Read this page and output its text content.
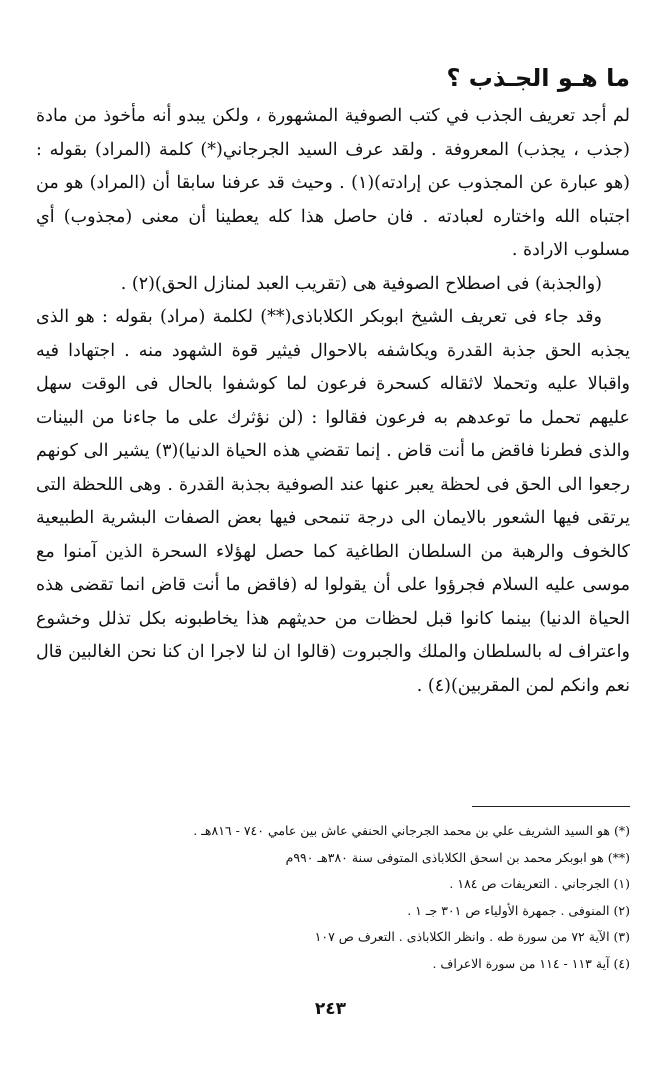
ما هـو الجـذب ؟

لم أجد تعريف الجذب في كتب الصوفية المشهورة ، ولكن يبدو أنه مأخوذ من مادة (جذب ، يجذب) المعروفة . ولقد عرف السيد الجرجاني(*) كلمة (المراد) بقوله : (هو عبارة عن المجذوب عن إرادته)(١) . وحيث قد عرفنا سابقا أن (المراد) هو من اجتباه الله واختاره لعبادته . فان حاصل هذا كله يعطينا أن معنى (مجذوب) أي مسلوب الارادة .

(والجذبة) فى اصطلاح الصوفية هى (تقريب العبد لمنازل الحق)(٢) .

وقد جاء فى تعريف الشيخ ابوبكر الكلاباذى(**) لكلمة (مراد) بقوله : هو الذى يجذبه الحق جذبة القدرة ويكاشفه بالاحوال فيثير قوة الشهود منه . اجتهادا فيه واقبالا عليه وتحملا لاثقاله كسحرة فرعون لما كوشفوا بالحال فى الوقت سهل عليهم تحمل ما توعدهم به فرعون فقالوا : (لن نؤثرك على ما جاءنا من البينات والذى فطرنا فاقض ما أنت قاض . إنما تقضي هذه الحياة الدنيا)(٣) يشير الى كونهم رجعوا الى الحق فى لحظة يعبر عنها عند الصوفية بجذبة القدرة . وهى اللحظة التى يرتقى فيها الشعور بالايمان الى درجة تنمحى فيها بعض الصفات البشرية الطبيعية كالخوف والرهبة من السلطان الطاغية كما حصل لهؤلاء السحرة الذين آمنوا مع موسى عليه السلام فجرؤوا على أن يقولوا له (فاقض ما أنت قاض انما تقضى هذه الحياة الدنيا) بينما كانوا قبل لحظات من حديثهم هذا يخاطبونه بكل تذلل وخشوع واعتراف له بالسلطان والملك والجبروت (قالوا ان لنا لاجرا ان كنا نحن الغالبين قال نعم وانكم لمن المقربين)(٤) .

(*) هو السيد الشريف علي بن محمد الجرجاني الحنفي عاش بين عامي ٧٤٠ - ٨١٦هـ .
(**) هو ابوبكر محمد بن اسحق الكلاباذى المتوفى سنة ٣٨٠هـ ٩٩٠م
(١) الجرجاني . التعريفات ص ١٨٤ .
(٢) المنوفى . جمهرة الأولياء ص ٣٠١ جـ ١ .
(٣) الآية ٧٢ من سورة طه . وانظر الكلاباذى . التعرف ص ١٠٧
(٤) آية ١١٣ - ١١٤ من سورة الاعراف .
٢٤٣
